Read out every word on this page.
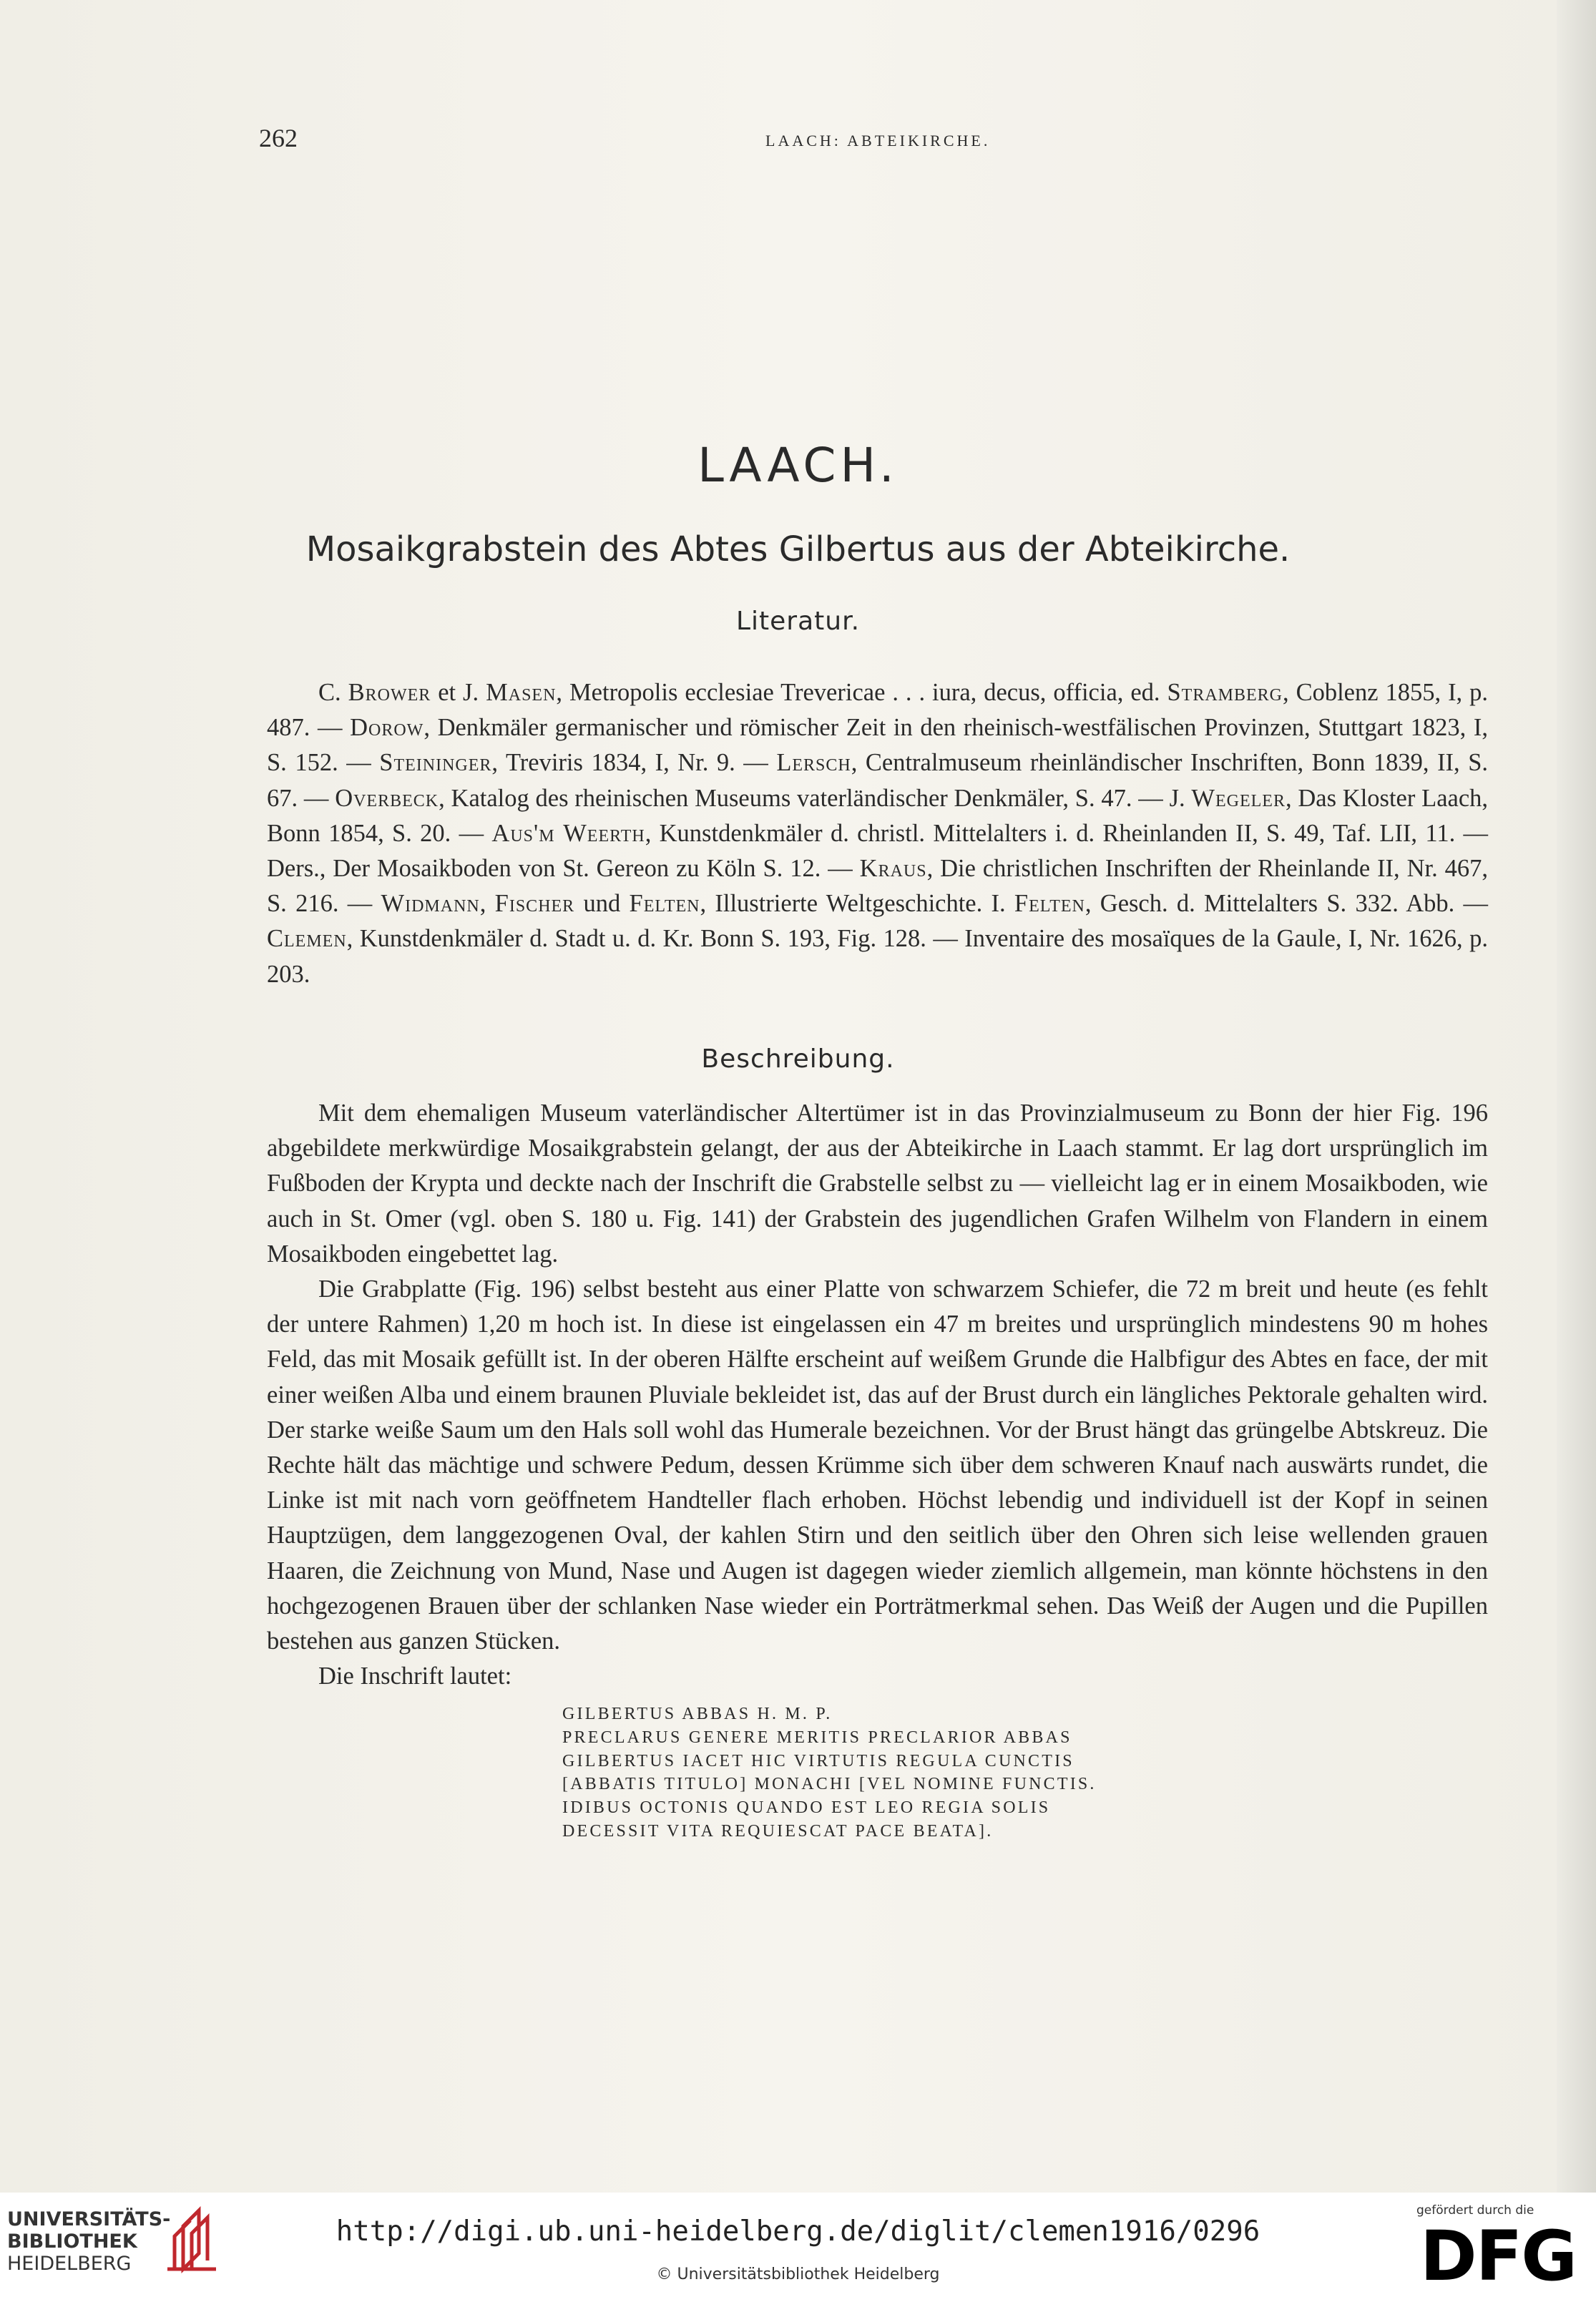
262	LAACH: ABTEIKIRCHE.
LAACH.
Mosaikgrabstein des Abtes Gilbertus aus der Abteikirche.
Literatur.
C. Brower et J. Masen, Metropolis ecclesiae Trevericae . . . iura, decus, officia, ed. Stramberg, Coblenz 1855, I, p. 487. — Dorow, Denkmäler germanischer und römischer Zeit in den rheinisch-westfälischen Provinzen, Stuttgart 1823, I, S. 152. — Steininger, Treviris 1834, I, Nr. 9. — Lersch, Centralmuseum rheinländischer Inschriften, Bonn 1839, II, S. 67. — Overbeck, Katalog des rheinischen Museums vaterländischer Denkmäler, S. 47. — J. Wegeler, Das Kloster Laach, Bonn 1854, S. 20. — Aus'm Weerth, Kunstdenkmäler d. christl. Mittelalters i. d. Rheinlanden II, S. 49, Taf. LII, 11. — Ders., Der Mosaikboden von St. Gereon zu Köln S. 12. — Kraus, Die christlichen Inschriften der Rheinlande II, Nr. 467, S. 216. — Widmann, Fischer und Felten, Illustrierte Weltgeschichte. I. Felten, Gesch. d. Mittelalters S. 332. Abb. — Clemen, Kunstdenkmäler d. Stadt u. d. Kr. Bonn S. 193, Fig. 128. — Inventaire des mosaïques de la Gaule, I, Nr. 1626, p. 203.
Beschreibung.

Mit dem ehemaligen Museum vaterländischer Altertümer ist in das Provinzialmuseum zu Bonn der hier Fig. 196 abgebildete merkwürdige Mosaikgrabstein gelangt, der aus der Abteikirche in Laach stammt. Er lag dort ursprünglich im Fußboden der Krypta und deckte nach der Inschrift die Grabstelle selbst zu — vielleicht lag er in einem Mosaikboden, wie auch in St. Omer (vgl. oben S. 180 u. Fig. 141) der Grabstein des jugendlichen Grafen Wilhelm von Flandern in einem Mosaikboden eingebettet lag.

Die Grabplatte (Fig. 196) selbst besteht aus einer Platte von schwarzem Schiefer, die 72 m breit und heute (es fehlt der untere Rahmen) 1,20 m hoch ist. In diese ist eingelassen ein 47 m breites und ursprünglich mindestens 90 m hohes Feld, das mit Mosaik gefüllt ist. In der oberen Hälfte erscheint auf weißem Grunde die Halbfigur des Abtes en face, der mit einer weißen Alba und einem braunen Pluviale bekleidet ist, das auf der Brust durch ein längliches Pektorale gehalten wird. Der starke weiße Saum um den Hals soll wohl das Humerale bezeichnen. Vor der Brust hängt das grüngelbe Abtskreuz. Die Rechte hält das mächtige und schwere Pedum, dessen Krümme sich über dem schweren Knauf nach auswärts rundet, die Linke ist mit nach vorn geöffnetem Handteller flach erhoben. Höchst lebendig und individuell ist der Kopf in seinen Hauptzügen, dem langgezogenen Oval, der kahlen Stirn und den seitlich über den Ohren sich leise wellenden grauen Haaren, die Zeichnung von Mund, Nase und Augen ist dagegen wieder ziemlich allgemein, man könnte höchstens in den hochgezogenen Brauen über der schlanken Nase wieder ein Porträtmerkmal sehen. Das Weiß der Augen und die Pupillen bestehen aus ganzen Stücken.

Die Inschrift lautet:

GILBERTUS ABBAS H. M. P.
PRECLARUS GENERE MERITIS PRECLARIOR ABBAS
GILBERTUS IACET HIC VIRTUTIS REGULA CUNCTIS
[ABBATIS TITULO] MONACHI [VEL NOMINE FUNCTIS.
IDIBUS OCTONIS QUANDO EST LEO REGIA SOLIS
DECESSIT VITA REQUIESCAT PACE BEATA].
UNIVERSITÄTS-
BIBLIOTHEK
HEIDELBERG
http://digi.ub.uni-heidelberg.de/diglit/clemen1916/0296
© Universitätsbibliothek Heidelberg
gefördert durch die
DFG
